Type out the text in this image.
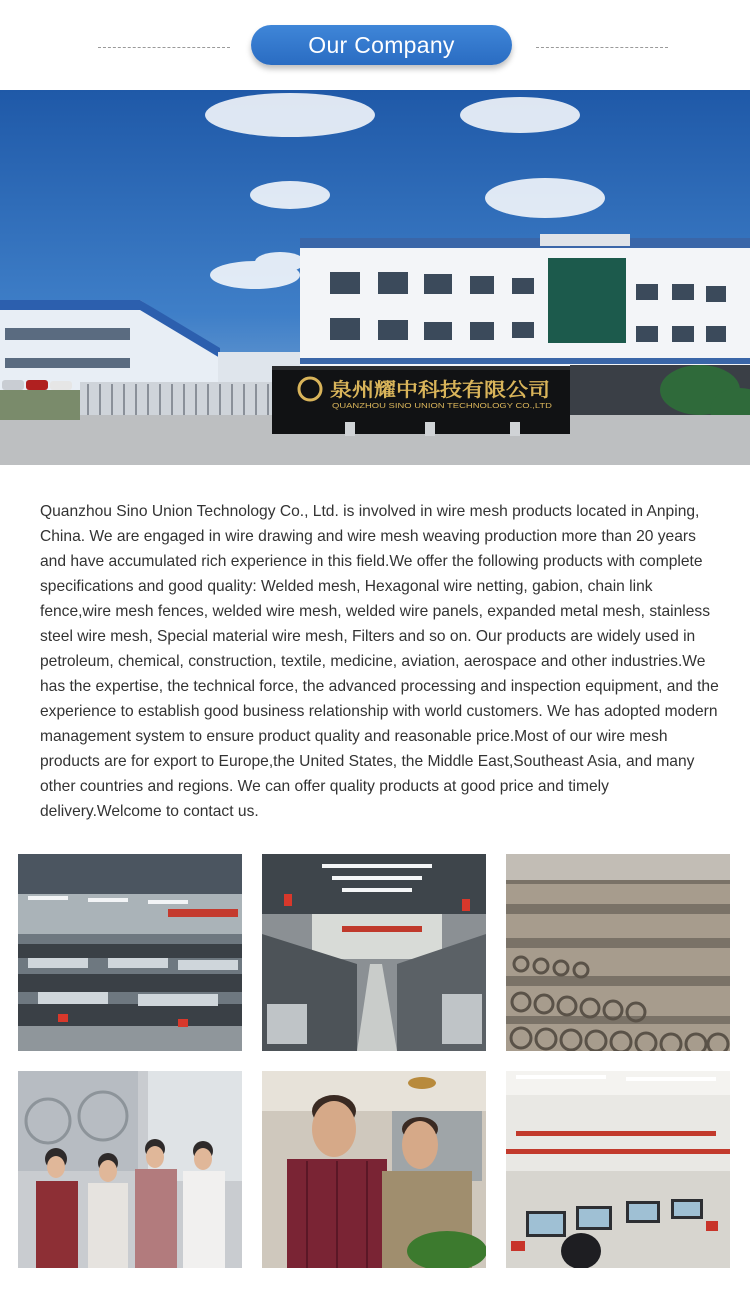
Our Company
泉州耀中科技有限公司
QUANZHOU SINO UNION TECHNOLOGY CO.,LTD

Quanzhou Sino Union Technology Co., Ltd. is involved in wire mesh products located in Anping, China. We are engaged in wire drawing and wire mesh weaving production more than 20 years and have accumulated rich experience in this field.We offer the following products with complete specifications and good quality: Welded mesh, Hexagonal wire netting, gabion, chain link fence,wire mesh fences, welded wire mesh, welded wire panels, expanded metal mesh, stainless steel wire mesh, Special material wire mesh, Filters and so on. Our products are widely used in petroleum, chemical, construction, textile, medicine, aviation, aerospace and other industries.We has the expertise, the technical force, the advanced processing and inspection equipment, and the experience to establish good business relationship with world customers. We has adopted modern management system to ensure product quality and reasonable price.Most of our wire mesh products are for export to Europe,the United States, the Middle East,Southeast Asia, and many other countries and regions. We can offer quality products at good price and timely delivery.Welcome to contact us.
